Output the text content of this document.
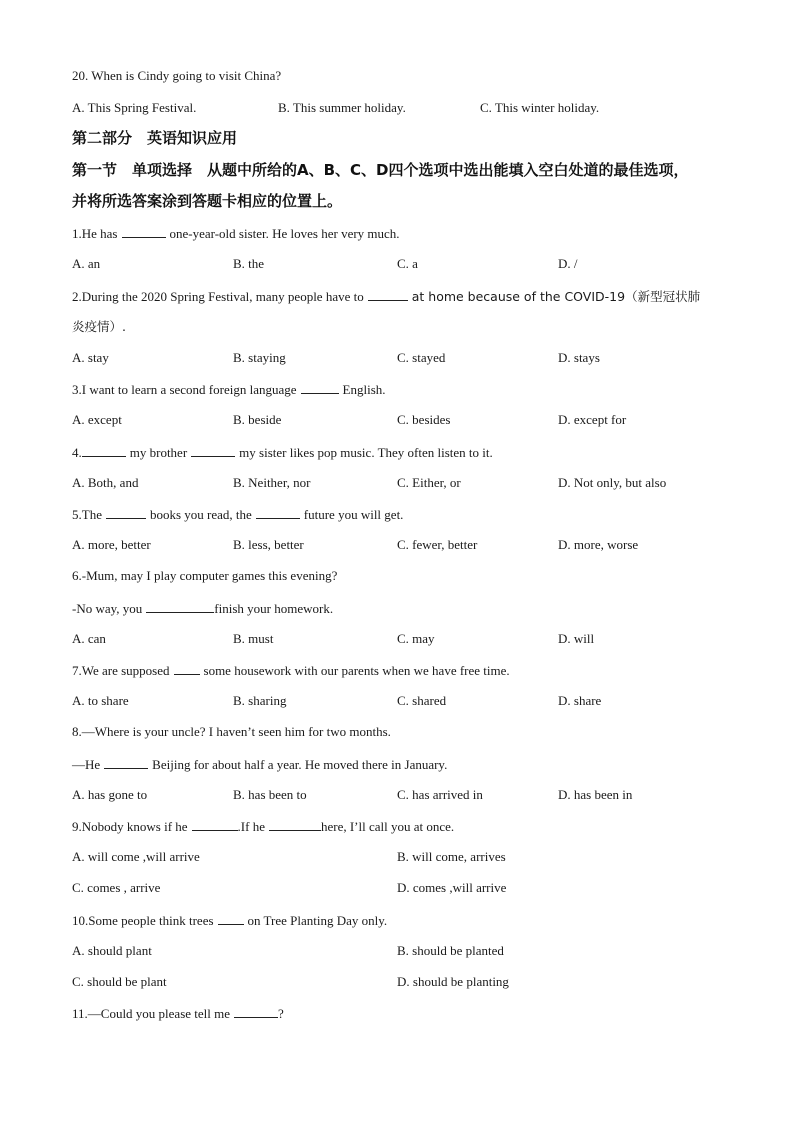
20. When is Cindy going to visit China?
A. This Spring Festival.	B. This summer holiday.	C. This winter holiday.
第二部分　英语知识应用
第一节　单项选择　从题中所给的A、B、C、D四个选项中选出能填入空白处道的最佳选项，
并将所选答案涂到答题卡相应的位置上。
1.He has	one-year-old sister. He loves her very much.
A. an	B. the	C. a	D. /
2.During the 2020 Spring Festival, many people have to	at home because of the COVID-19（新型冠状肺
炎疫情）.
A. stay	B. staying	C. stayed	D. stays
3.I want to learn a second foreign language	English.
A. except	B. beside	C. besides	D. except for
4.	my brother	my sister likes pop music. They often listen to it.
A. Both, and	B. Neither, nor	C. Either, or	D. Not only, but also
5.The	books you read, the	future you will get.
A. more, better	B. less, better	C. fewer, better	D. more, worse
6.-Mum, may I play computer games this evening?
-No way, you	finish your homework.
A. can	B. must	C. may	D. will
7.We are supposed	some housework with our parents when we have free time.
A. to share	B. sharing	C. shared	D. share
8.—Where is your uncle? I haven’t seen him for two months.
—He	Beijing for about half a year. He moved there in January.
A. has gone to	B. has been to	C. has arrived in	D. has been in
9.Nobody knows if he	.If he	here, I’ll call you at once.
A. will come ,will arrive	B. will come, arrives
C. comes , arrive	D. comes ,will arrive
10.Some people think trees	on Tree Planting Day only.
A. should plant	B. should be planted
C. should be plant	D. should be planting
11.—Could you please tell me	?
